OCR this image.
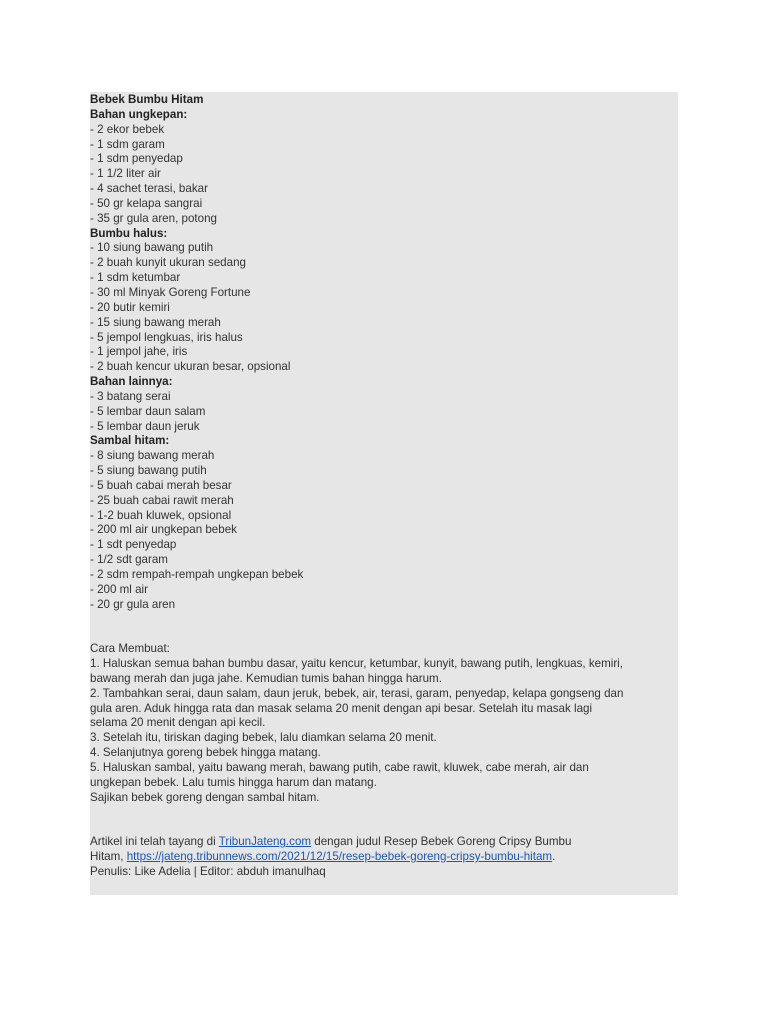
Bebek Bumbu Hitam
Bahan ungkepan:
- 2 ekor bebek
- 1 sdm garam
- 1 sdm penyedap
- 1 1/2 liter air
- 4 sachet terasi, bakar
- 50 gr kelapa sangrai
- 35 gr gula aren, potong
Bumbu halus:
- 10 siung bawang putih
- 2 buah kunyit ukuran sedang
- 1 sdm ketumbar
- 30 ml Minyak Goreng Fortune
- 20 butir kemiri
- 15 siung bawang merah
- 5 jempol lengkuas, iris halus
- 1 jempol jahe, iris
- 2 buah kencur ukuran besar, opsional
Bahan lainnya:
- 3 batang serai
- 5 lembar daun salam
- 5 lembar daun jeruk
Sambal hitam:
- 8 siung bawang merah
- 5 siung bawang putih
- 5 buah cabai merah besar
- 25 buah cabai rawit merah
- 1-2 buah kluwek, opsional
- 200 ml air ungkepan bebek
- 1 sdt penyedap
- 1/2 sdt garam
- 2 sdm rempah-rempah ungkepan bebek
- 200 ml air
- 20 gr gula aren
Cara Membuat:
1. Haluskan semua bahan bumbu dasar, yaitu kencur, ketumbar, kunyit, bawang putih, lengkuas, kemiri,
bawang merah dan juga jahe. Kemudian tumis bahan hingga harum.
2. Tambahkan serai, daun salam, daun jeruk, bebek, air, terasi, garam, penyedap, kelapa gongseng dan
gula aren. Aduk hingga rata dan masak selama 20 menit dengan api besar. Setelah itu masak lagi
selama 20 menit dengan api kecil.
3. Setelah itu, tiriskan daging bebek, lalu diamkan selama 20 menit.
4. Selanjutnya goreng bebek hingga matang.
5. Haluskan sambal, yaitu bawang merah, bawang putih, cabe rawit, kluwek, cabe merah, air dan
ungkepan bebek. Lalu tumis hingga harum dan matang.
Sajikan bebek goreng dengan sambal hitam.
Artikel ini telah tayang di TribunJateng.com dengan judul Resep Bebek Goreng Cripsy Bumbu
Hitam, https://jateng.tribunnews.com/2021/12/15/resep-bebek-goreng-cripsy-bumbu-hitam.
Penulis: Like Adelia | Editor: abduh imanulhaq
